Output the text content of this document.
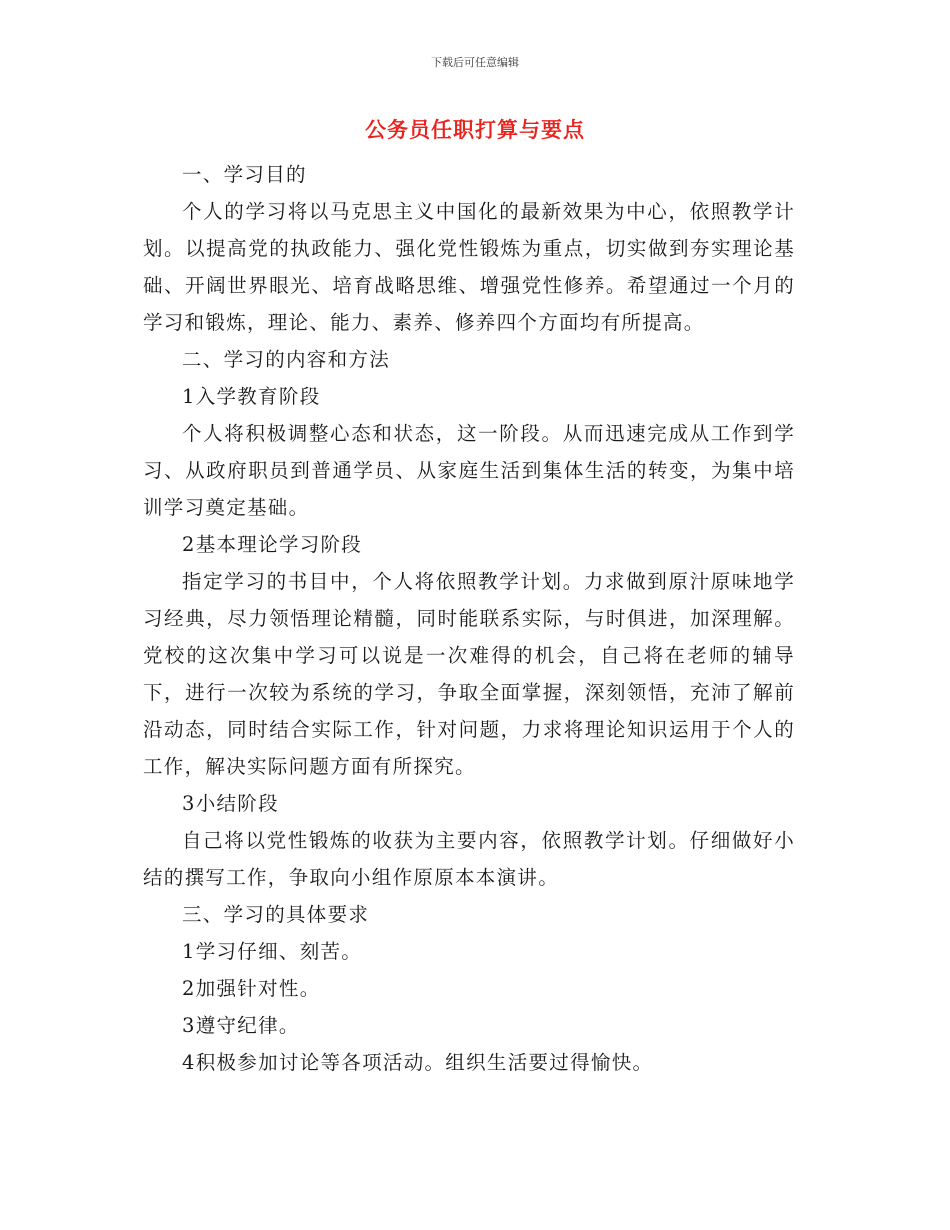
下载后可任意编辑
公务员任职打算与要点

一、学习目的

个人的学习将以马克思主义中国化的最新效果为中心，依照教学计划。以提高党的执政能力、强化党性锻炼为重点，切实做到夯实理论基础、开阔世界眼光、培育战略思维、增强党性修养。希望通过一个月的学习和锻炼，理论、能力、素养、修养四个方面均有所提高。

二、学习的内容和方法

1入学教育阶段

个人将积极调整心态和状态，这一阶段。从而迅速完成从工作到学习、从政府职员到普通学员、从家庭生活到集体生活的转变，为集中培训学习奠定基础。

2基本理论学习阶段

指定学习的书目中，个人将依照教学计划。力求做到原汁原味地学习经典，尽力领悟理论精髓，同时能联系实际，与时俱进，加深理解。党校的这次集中学习可以说是一次难得的机会，自己将在老师的辅导下，进行一次较为系统的学习，争取全面掌握，深刻领悟，充沛了解前沿动态，同时结合实际工作，针对问题，力求将理论知识运用于个人的工作，解决实际问题方面有所探究。

3小结阶段

自己将以党性锻炼的收获为主要内容，依照教学计划。仔细做好小结的撰写工作，争取向小组作原原本本演讲。

三、学习的具体要求

1学习仔细、刻苦。

2加强针对性。

3遵守纪律。

4积极参加讨论等各项活动。组织生活要过得愉快。
